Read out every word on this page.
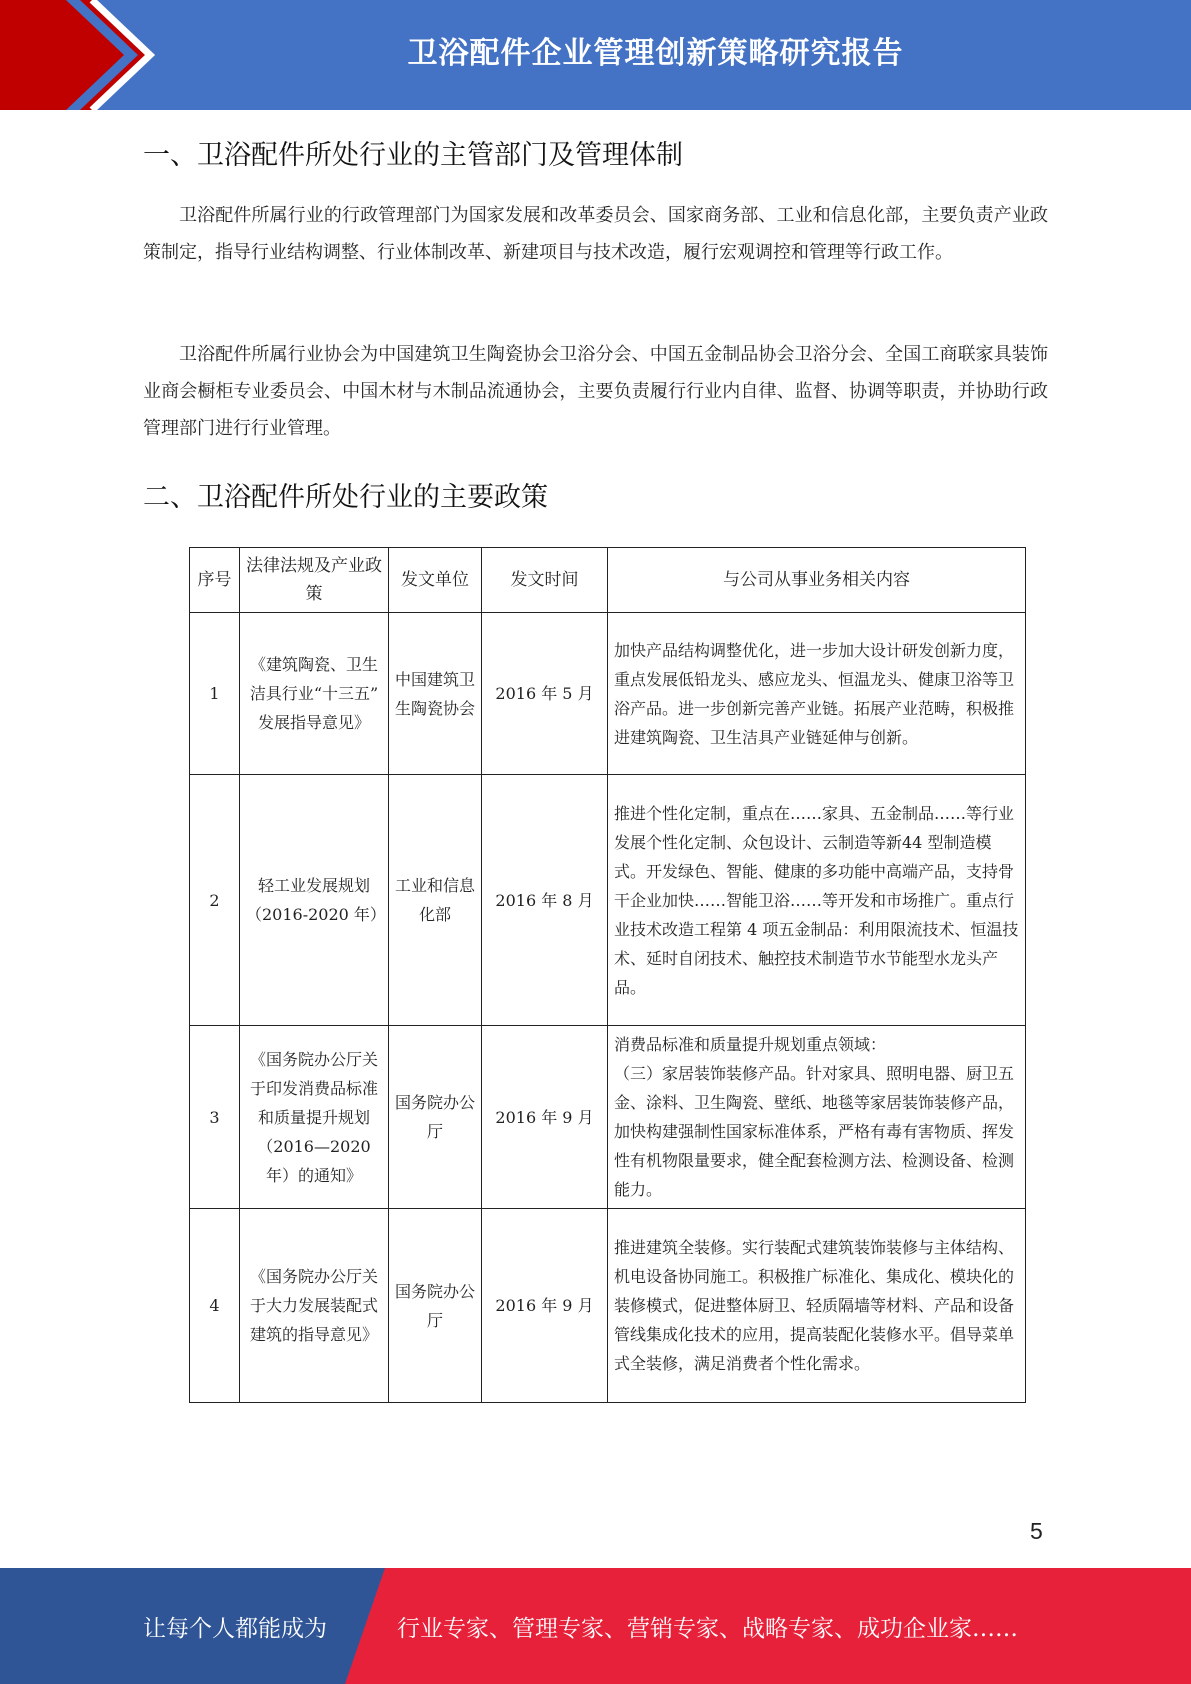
卫浴配件企业管理创新策略研究报告
一、卫浴配件所处行业的主管部门及管理体制
卫浴配件所属行业的行政管理部门为国家发展和改革委员会、国家商务部、工业和信息化部，主要负责产业政策制定，指导行业结构调整、行业体制改革、新建项目与技术改造，履行宏观调控和管理等行政工作。
卫浴配件所属行业协会为中国建筑卫生陶瓷协会卫浴分会、中国五金制品协会卫浴分会、全国工商联家具装饰业商会橱柜专业委员会、中国木材与木制品流通协会，主要负责履行行业内自律、监督、协调等职责，并协助行政管理部门进行行业管理。
二、卫浴配件所处行业的主要政策
序号	法律法规及产业政策	发文单位	发文时间	与公司从事业务相关内容
1	《建筑陶瓷、卫生洁具行业“十三五” 发展指导意见》	中国建筑卫生陶瓷协会	2016 年 5 月	加快产品结构调整优化，进一步加大设计研发创新力度，重点发展低铅龙头、感应龙头、恒温龙头、健康卫浴等卫浴产品。进一步创新完善产业链。拓展产业范畴，积极推进建筑陶瓷、卫生洁具产业链延伸与创新。
2	轻工业发展规划（2016-2020 年）	工业和信息化部	2016 年 8 月	推进个性化定制，重点在……家具、五金制品……等行业发展个性化定制、众包设计、云制造等新44 型制造模式。开发绿色、智能、健康的多功能中高端产品，支持骨干企业加快……智能卫浴……等开发和市场推广。重点行业技术改造工程第 4 项五金制品：利用限流技术、恒温技术、延时自闭技术、触控技术制造节水节能型水龙头产品。
3	《国务院办公厅关于印发消费品标准和质量提升规划 （2016—2020 年）的通知》	国务院办公厅	2016 年 9 月	消费品标准和质量提升规划重点领域：
（三）家居装饰装修产品。针对家具、照明电器、厨卫五金、涂料、卫生陶瓷、壁纸、地毯等家居装饰装修产品，加快构建强制性国家标准体系，严格有毒有害物质、挥发性有机物限量要求，健全配套检测方法、检测设备、检测能力。

4	《国务院办公厅关于大力发展装配式建筑的指导意见》	国务院办公厅	2016 年 9 月	推进建筑全装修。实行装配式建筑装饰装修与主体结构、机电设备协同施工。积极推广标准化、集成化、模块化的装修模式，促进整体厨卫、轻质隔墙等材料、产品和设备管线集成化技术的应用，提高装配化装修水平。倡导菜单式全装修，满足消费者个性化需求。
5
让每个人都能成为	行业专家、管理专家、营销专家、战略专家、成功企业家……
